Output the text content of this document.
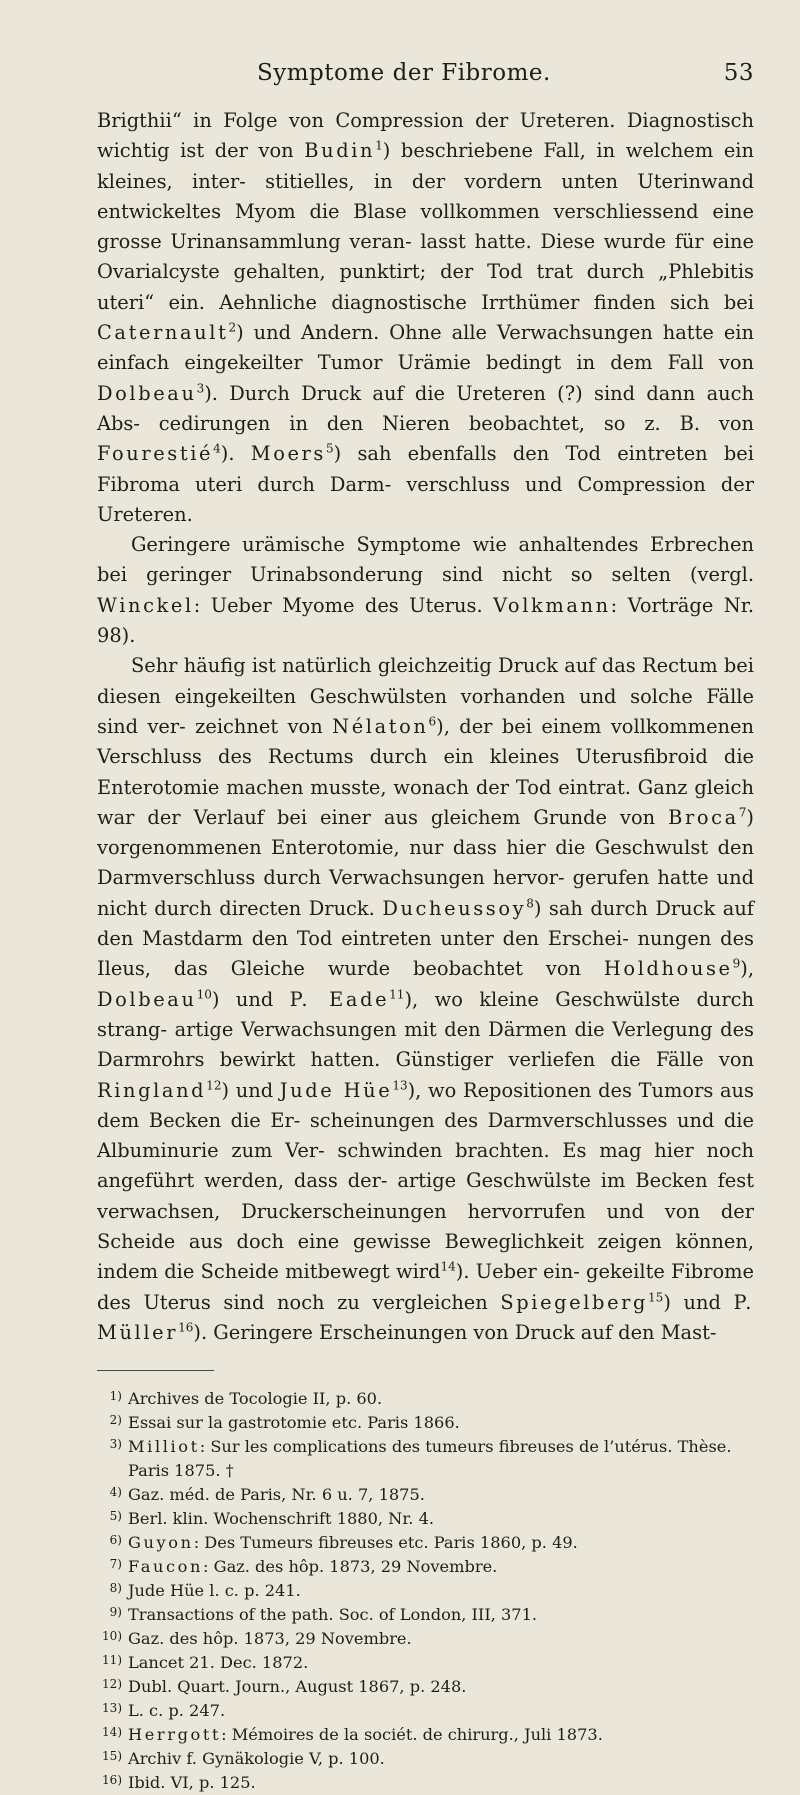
Symptome der Fibrome.	53

Brigthii“ in Folge von Compression der Ureteren. Diagnostisch wichtig ist der von Budin$^1$) beschriebene Fall, in welchem ein kleines, inter- stitielles, in der vordern unten Uterinwand entwickeltes Myom die Blase vollkommen verschliessend eine grosse Urinansammlung veran- lasst hatte. Diese wurde für eine Ovarialcyste gehalten, punktirt; der Tod trat durch „Phlebitis uteri“ ein. Aehnliche diagnostische Irrthümer finden sich bei Caternault$^2$) und Andern. Ohne alle Verwachsungen hatte ein einfach eingekeilter Tumor Urämie bedingt in dem Fall von Dolbeau$^3$). Durch Druck auf die Ureteren (?) sind dann auch Abs- cedirungen in den Nieren beobachtet, so z. B. von Fourestié$^4$). Moers$^5$) sah ebenfalls den Tod eintreten bei Fibroma uteri durch Darm- verschluss und Compression der Ureteren.

Geringere urämische Symptome wie anhaltendes Erbrechen bei geringer Urinabsonderung sind nicht so selten (vergl. Winckel: Ueber Myome des Uterus. Volkmann: Vorträge Nr. 98).

Sehr häufig ist natürlich gleichzeitig Druck auf das Rectum bei diesen eingekeilten Geschwülsten vorhanden und solche Fälle sind ver- zeichnet von Nélaton$^6$), der bei einem vollkommenen Verschluss des Rectums durch ein kleines Uterusfibroid die Enterotomie machen musste, wonach der Tod eintrat. Ganz gleich war der Verlauf bei einer aus gleichem Grunde von Broca$^7$) vorgenommenen Enterotomie, nur dass hier die Geschwulst den Darmverschluss durch Verwachsungen hervor- gerufen hatte und nicht durch directen Druck. Ducheussoy$^8$) sah durch Druck auf den Mastdarm den Tod eintreten unter den Erschei- nungen des Ileus, das Gleiche wurde beobachtet von Holdhouse$^9$), Dolbeau$^{10}$) und P. Eade$^{11}$), wo kleine Geschwülste durch strang- artige Verwachsungen mit den Därmen die Verlegung des Darmrohrs bewirkt hatten. Günstiger verliefen die Fälle von Ringland$^{12}$) und Jude Hüe$^{13}$), wo Repositionen des Tumors aus dem Becken die Er- scheinungen des Darmverschlusses und die Albuminurie zum Ver- schwinden brachten. Es mag hier noch angeführt werden, dass der- artige Geschwülste im Becken fest verwachsen, Druckerscheinungen hervorrufen und von der Scheide aus doch eine gewisse Beweglichkeit zeigen können, indem die Scheide mitbewegt wird$^{14}$). Ueber ein- gekeilte Fibrome des Uterus sind noch zu vergleichen Spiegelberg$^{15}$) und P. Müller$^{16}$). Geringere Erscheinungen von Druck auf den Mast-

1) Archives de Tocologie II, p. 60.
2) Essai sur la gastrotomie etc. Paris 1866.
3) Milliot: Sur les complications des tumeurs fibreuses de l’utérus. Thèse. Paris 1875. †
4) Gaz. méd. de Paris, Nr. 6 u. 7, 1875.
5) Berl. klin. Wochenschrift 1880, Nr. 4.
6) Guyon: Des Tumeurs fibreuses etc. Paris 1860, p. 49.
7) Faucon: Gaz. des hôp. 1873, 29 Novembre.
8) Jude Hüe l. c. p. 241.
9) Transactions of the path. Soc. of London, III, 371.
10) Gaz. des hôp. 1873, 29 Novembre.
11) Lancet 21. Dec. 1872.
12) Dubl. Quart. Journ., August 1867, p. 248.
13) L. c. p. 247.
14) Herrgott: Mémoires de la sociét. de chirurg., Juli 1873.
15) Archiv f. Gynäkologie V, p. 100.
16) Ibid. VI, p. 125.
